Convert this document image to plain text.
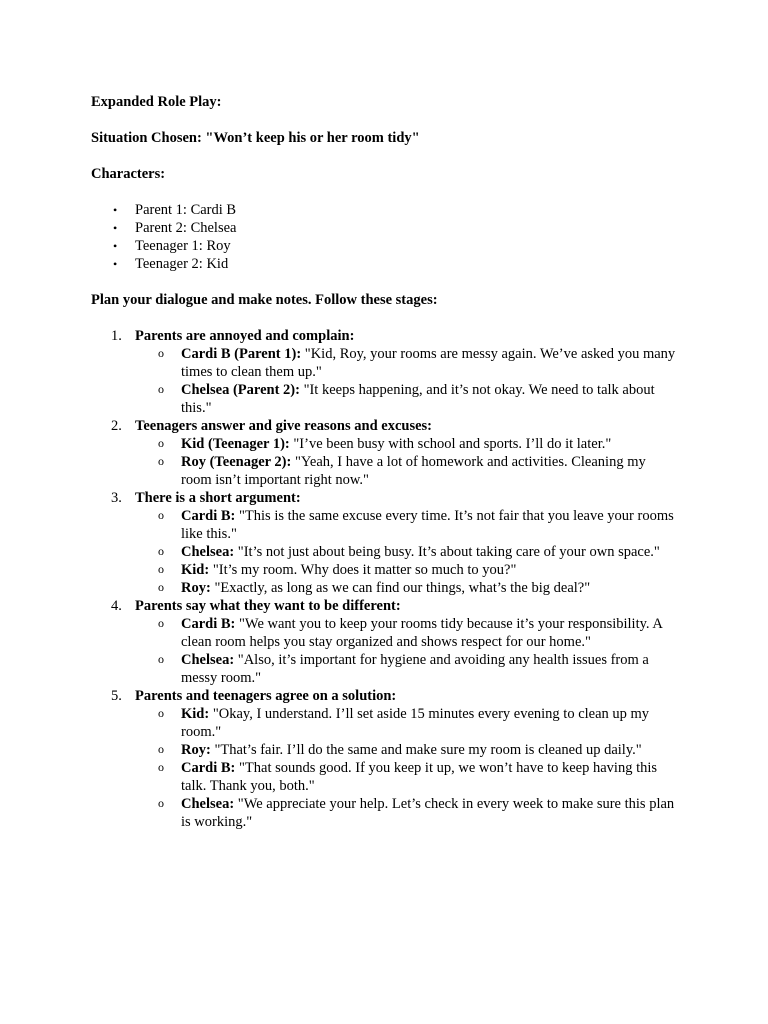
Expanded Role Play:

Situation Chosen: "Won’t keep his or her room tidy"

Characters:

• Parent 1: Cardi B
• Parent 2: Chelsea
• Teenager 1: Roy
• Teenager 2: Kid

Plan your dialogue and make notes. Follow these stages:

1. Parents are annoyed and complain:
o Cardi B (Parent 1): "Kid, Roy, your rooms are messy again. We’ve asked you many times to clean them up."
o Chelsea (Parent 2): "It keeps happening, and it’s not okay. We need to talk about this."
2. Teenagers answer and give reasons and excuses:
o Kid (Teenager 1): "I’ve been busy with school and sports. I’ll do it later."
o Roy (Teenager 2): "Yeah, I have a lot of homework and activities. Cleaning my room isn’t important right now."
3. There is a short argument:
o Cardi B: "This is the same excuse every time. It’s not fair that you leave your rooms like this."
o Chelsea: "It’s not just about being busy. It’s about taking care of your own space."
o Kid: "It’s my room. Why does it matter so much to you?"
o Roy: "Exactly, as long as we can find our things, what’s the big deal?"
4. Parents say what they want to be different:
o Cardi B: "We want you to keep your rooms tidy because it’s your responsibility. A clean room helps you stay organized and shows respect for our home."
o Chelsea: "Also, it’s important for hygiene and avoiding any health issues from a messy room."
5. Parents and teenagers agree on a solution:
o Kid: "Okay, I understand. I’ll set aside 15 minutes every evening to clean up my room."
o Roy: "That’s fair. I’ll do the same and make sure my room is cleaned up daily."
o Cardi B: "That sounds good. If you keep it up, we won’t have to keep having this talk. Thank you, both."
o Chelsea: "We appreciate your help. Let’s check in every week to make sure this plan is working."
